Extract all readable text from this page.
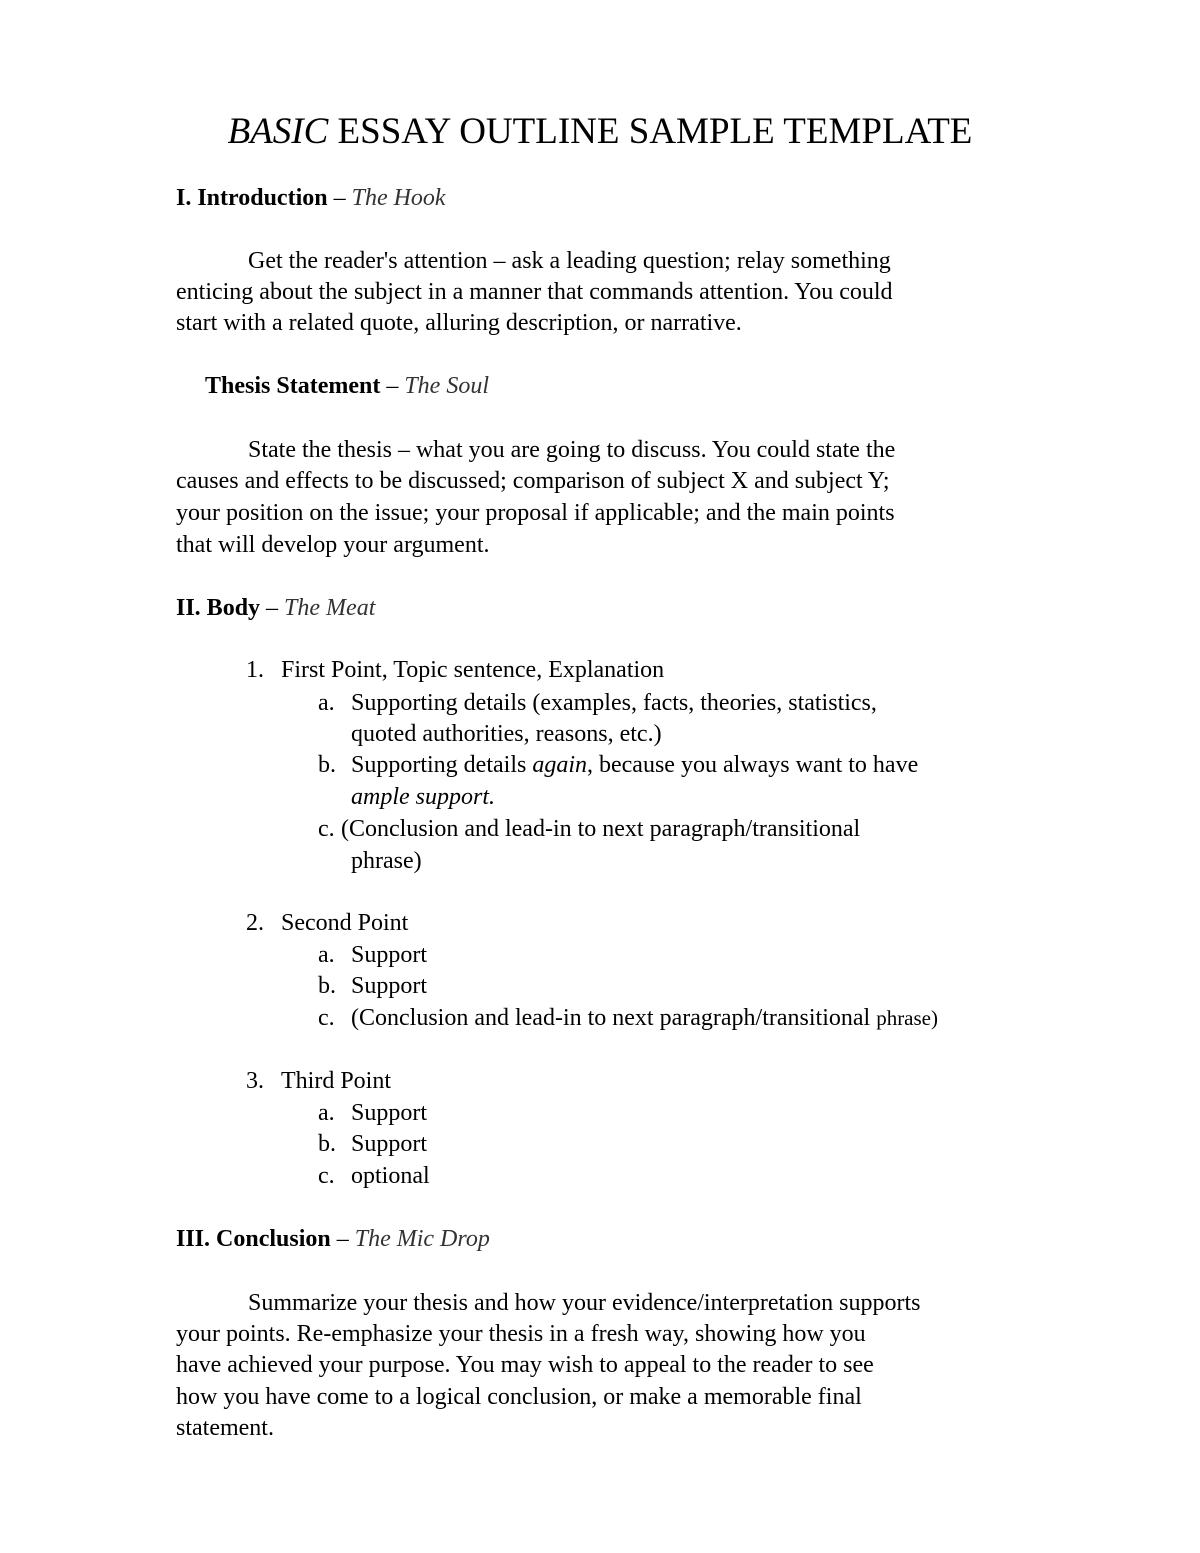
BASIC ESSAY OUTLINE SAMPLE TEMPLATE
I. Introduction – The Hook
Get the reader's attention – ask a leading question; relay something
enticing about the subject in a manner that commands attention. You could
start with a related quote, alluring description, or narrative.
Thesis Statement – The Soul
State the thesis – what you are going to discuss. You could state the
causes and effects to be discussed; comparison of subject X and subject Y;
your position on the issue; your proposal if applicable; and the main points
that will develop your argument.
II. Body – The Meat
1. First Point, Topic sentence, Explanation
a. Supporting details (examples, facts, theories, statistics,
quoted authorities, reasons, etc.)
b. Supporting details again, because you always want to have
ample support.
c. (Conclusion and lead-in to next paragraph/transitional
phrase)
2. Second Point
a. Support
b. Support
c. (Conclusion and lead-in to next paragraph/transitional phrase)
3. Third Point
a. Support
b. Support
c. optional
III. Conclusion – The Mic Drop
Summarize your thesis and how your evidence/interpretation supports
your points. Re-emphasize your thesis in a fresh way, showing how you
have achieved your purpose. You may wish to appeal to the reader to see
how you have come to a logical conclusion, or make a memorable final
statement.
